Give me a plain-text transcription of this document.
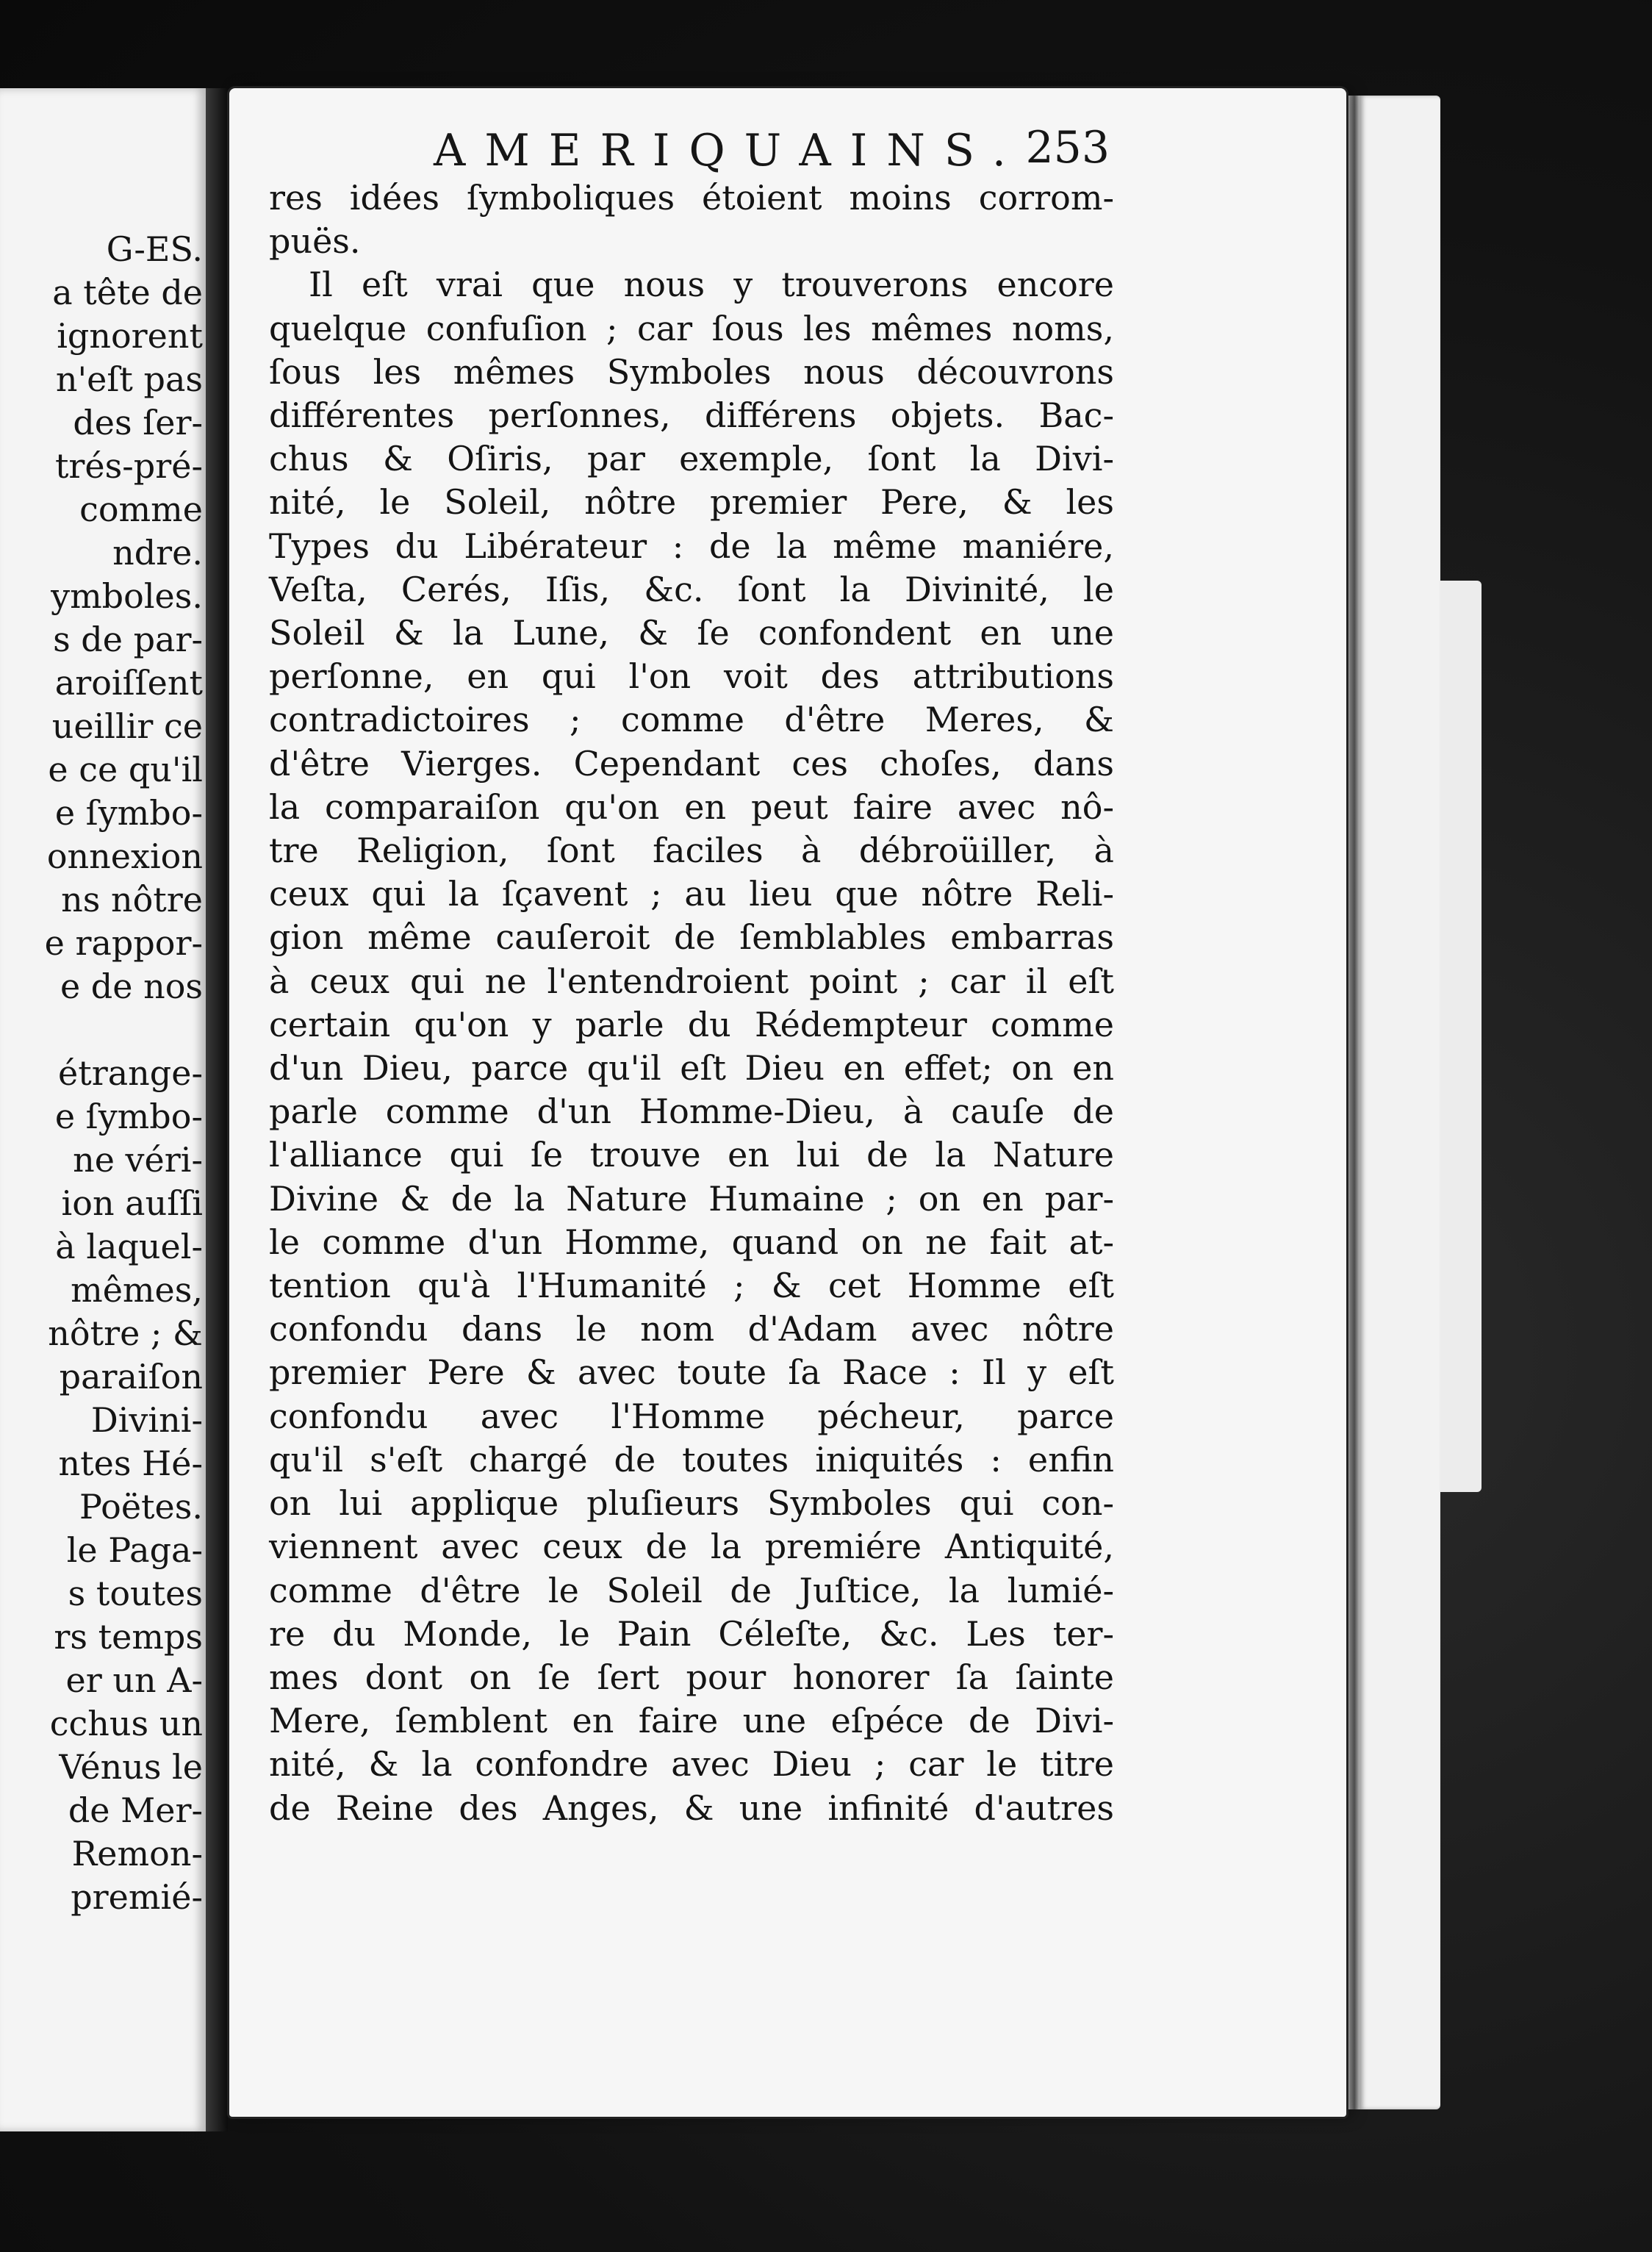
G-ES.
a tête de
ignorent
n'eſt pas
des ſer-
trés-pré-
comme
ndre.
ymboles.
s de par-
aroiſſent
ueillir ce
e ce qu'il
e ſymbo-
onnexion
ns nôtre
e rappor-
e de nos

étrange-
e ſymbo-
ne véri-
ion auſſi
à laquel-
mêmes,
nôtre ; &
paraiſon
Divini-
ntes Hé-
Poëtes.
le Paga-
s toutes
rs temps
er un A-
cchus un
Vénus le
de Mer-
Remon-
premié-
AMERIQUAINS. 253
res idées ſymboliques étoient moins corrom-
puës.
Il eſt vrai que nous y trouverons encore
quelque confuſion ; car ſous les mêmes noms,
ſous les mêmes Symboles nous découvrons
différentes perſonnes, différens objets. Bac-
chus & Oſiris, par exemple, ſont la Divi-
nité, le Soleil, nôtre premier Pere, & les
Types du Libérateur : de la même maniére,
Veſta, Cerés, Iſis, &c. ſont la Divinité, le
Soleil & la Lune, & ſe confondent en une
perſonne, en qui l'on voit des attributions
contradictoires ; comme d'être Meres, &
d'être Vierges. Cependant ces choſes, dans
la comparaiſon qu'on en peut faire avec nô-
tre Religion, ſont faciles à débroüiller, à
ceux qui la ſçavent ; au lieu que nôtre Reli-
gion même cauſeroit de ſemblables embarras
à ceux qui ne l'entendroient point ; car il eſt
certain qu'on y parle du Rédempteur comme
d'un Dieu, parce qu'il eſt Dieu en effet; on en
parle comme d'un Homme-Dieu, à cauſe de
l'alliance qui ſe trouve en lui de la Nature
Divine & de la Nature Humaine ; on en par-
le comme d'un Homme, quand on ne fait at-
tention qu'à l'Humanité ; & cet Homme eſt
confondu dans le nom d'Adam avec nôtre
premier Pere & avec toute ſa Race : Il y eſt
confondu avec l'Homme pécheur, parce
qu'il s'eſt chargé de toutes iniquités : enfin
on lui applique pluſieurs Symboles qui con-
viennent avec ceux de la premiére Antiquité,
comme d'être le Soleil de Juſtice, la lumié-
re du Monde, le Pain Céleſte, &c. Les ter-
mes dont on ſe ſert pour honorer ſa ſainte
Mere, ſemblent en faire une eſpéce de Divi-
nité, & la confondre avec Dieu ; car le titre
de Reine des Anges, & une infinité d'autres
